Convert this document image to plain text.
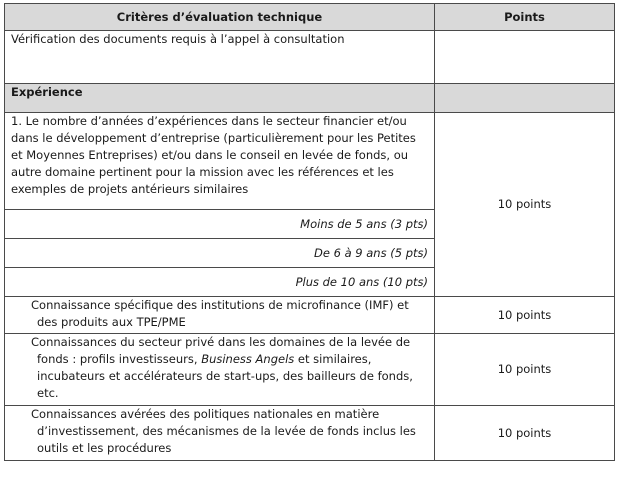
Critères d’évaluation technique	Points
Vérification des documents requis à l’appel à consultation	
Expérience	
1. Le nombre d’années d’expériences dans le secteur financier et/ou dans le développement d’entreprise (particulièrement pour les Petites et Moyennes Entreprises) et/ou dans le conseil en levée de fonds, ou autre domaine pertinent pour la mission avec les références et les exemples de projets antérieurs similaires	10 points
Moins de 5 ans (3 pts)	
De 6 à 9 ans (5 pts)	
Plus de 10 ans (10 pts)	

Connaissance spécifique des institutions de microfinance (IMF) et des produits aux TPE/PME	10 points

Connaissances du secteur privé dans les domaines de la levée de fonds : profils investisseurs, Business Angels et similaires, incubateurs et accélérateurs de start-ups, des bailleurs de fonds, etc.	10 points

Connaissances avérées des politiques nationales en matière d’investissement, des mécanismes de la levée de fonds inclus les outils et les procédures	10 points
